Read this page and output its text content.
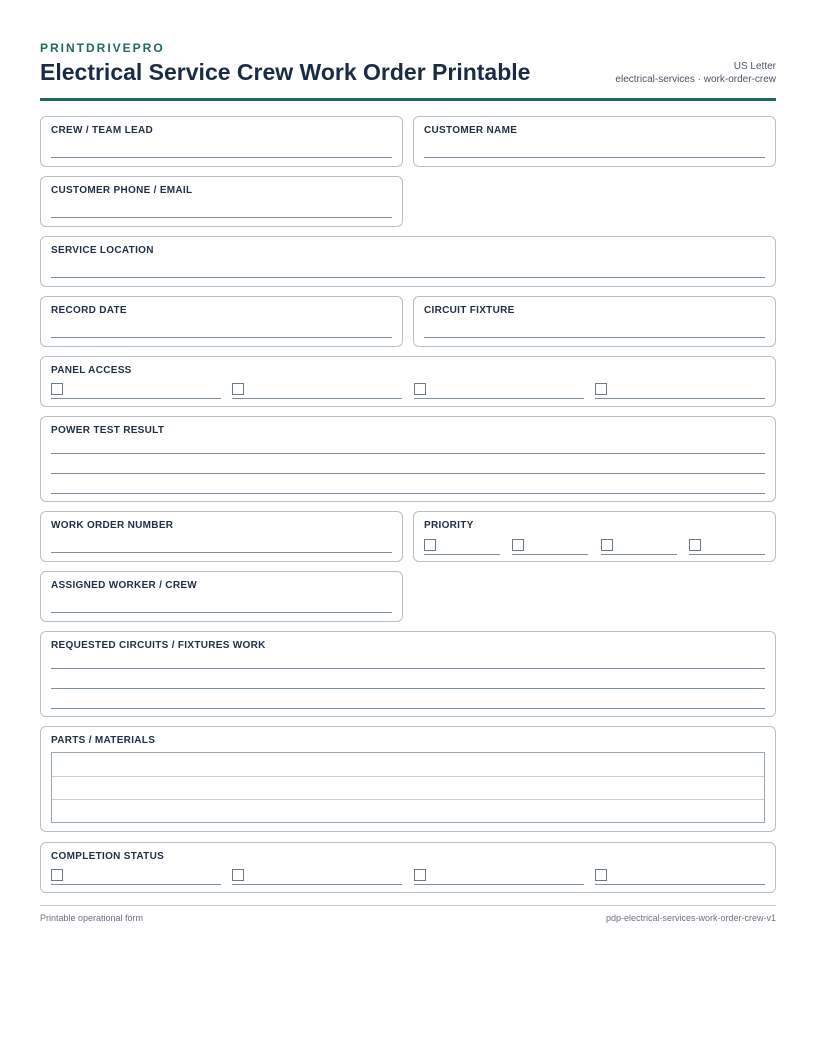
PRINTDRIVEPRO
Electrical Service Crew Work Order Printable	US Letter
electrical-services · work-order-crew
CREW / TEAM LEAD	CUSTOMER NAME
CUSTOMER PHONE / EMAIL
SERVICE LOCATION
RECORD DATE	CIRCUIT FIXTURE
PANEL ACCESS
POWER TEST RESULT
WORK ORDER NUMBER	PRIORITY
ASSIGNED WORKER / CREW
REQUESTED CIRCUITS / FIXTURES WORK
PARTS / MATERIALS
COMPLETION STATUS
Printable operational form	pdp-electrical-services-work-order-crew-v1
